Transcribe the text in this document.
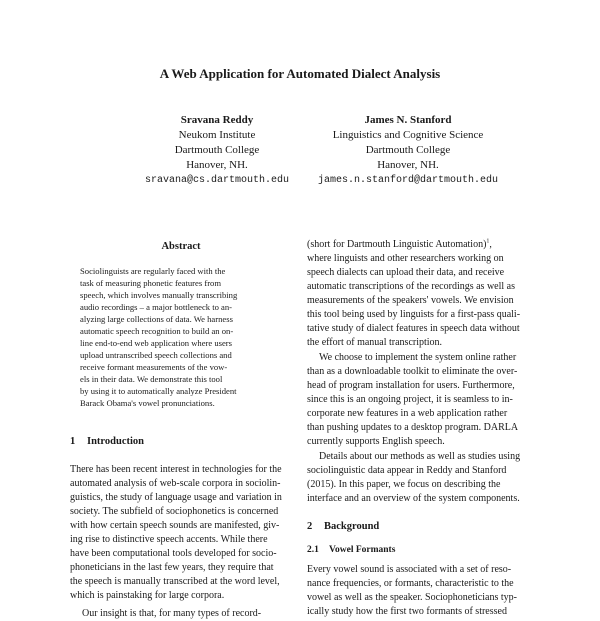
A Web Application for Automated Dialect Analysis
Sravana Reddy
Neukom Institute
Dartmouth College
Hanover, NH.
sravana@cs.dartmouth.edu
James N. Stanford
Linguistics and Cognitive Science
Dartmouth College
Hanover, NH.
james.n.stanford@dartmouth.edu
Abstract
Sociolinguists are regularly faced with the
task of measuring phonetic features from
speech, which involves manually transcribing
audio recordings – a major bottleneck to an-
alyzing large collections of data. We harness
automatic speech recognition to build an on-
line end-to-end web application where users
upload untranscribed speech collections and
receive formant measurements of the vow-
els in their data. We demonstrate this tool
by using it to automatically analyze President
Barack Obama's vowel pronunciations.
1 Introduction
There has been recent interest in technologies for the
automated analysis of web-scale corpora in sociolin-
guistics, the study of language usage and variation in
society. The subfield of sociophonetics is concerned
with how certain speech sounds are manifested, giv-
ing rise to distinctive speech accents. While there
have been computational tools developed for socio-
phoneticians in the last few years, they require that
the speech is manually transcribed at the word level,
which is painstaking for large corpora.
Our insight is that, for many types of record-
(short for Dartmouth Linguistic Automation)$^1$,
where linguists and other researchers working on
speech dialects can upload their data, and receive
automatic transcriptions of the recordings as well as
measurements of the speakers' vowels. We envision
this tool being used by linguists for a first-pass quali-
tative study of dialect features in speech data without
the effort of manual transcription.
We choose to implement the system online rather
than as a downloadable toolkit to eliminate the over-
head of program installation for users. Furthermore,
since this is an ongoing project, it is seamless to in-
corporate new features in a web application rather
than pushing updates to a desktop program. DARLA
currently supports English speech.
Details about our methods as well as studies using
sociolinguistic data appear in Reddy and Stanford
(2015). In this paper, we focus on describing the
interface and an overview of the system components.
2 Background
2.1 Vowel Formants
Every vowel sound is associated with a set of reso-
nance frequencies, or formants, characteristic to the
vowel as well as the speaker. Sociophoneticians typ-
ically study how the first two formants of stressed
